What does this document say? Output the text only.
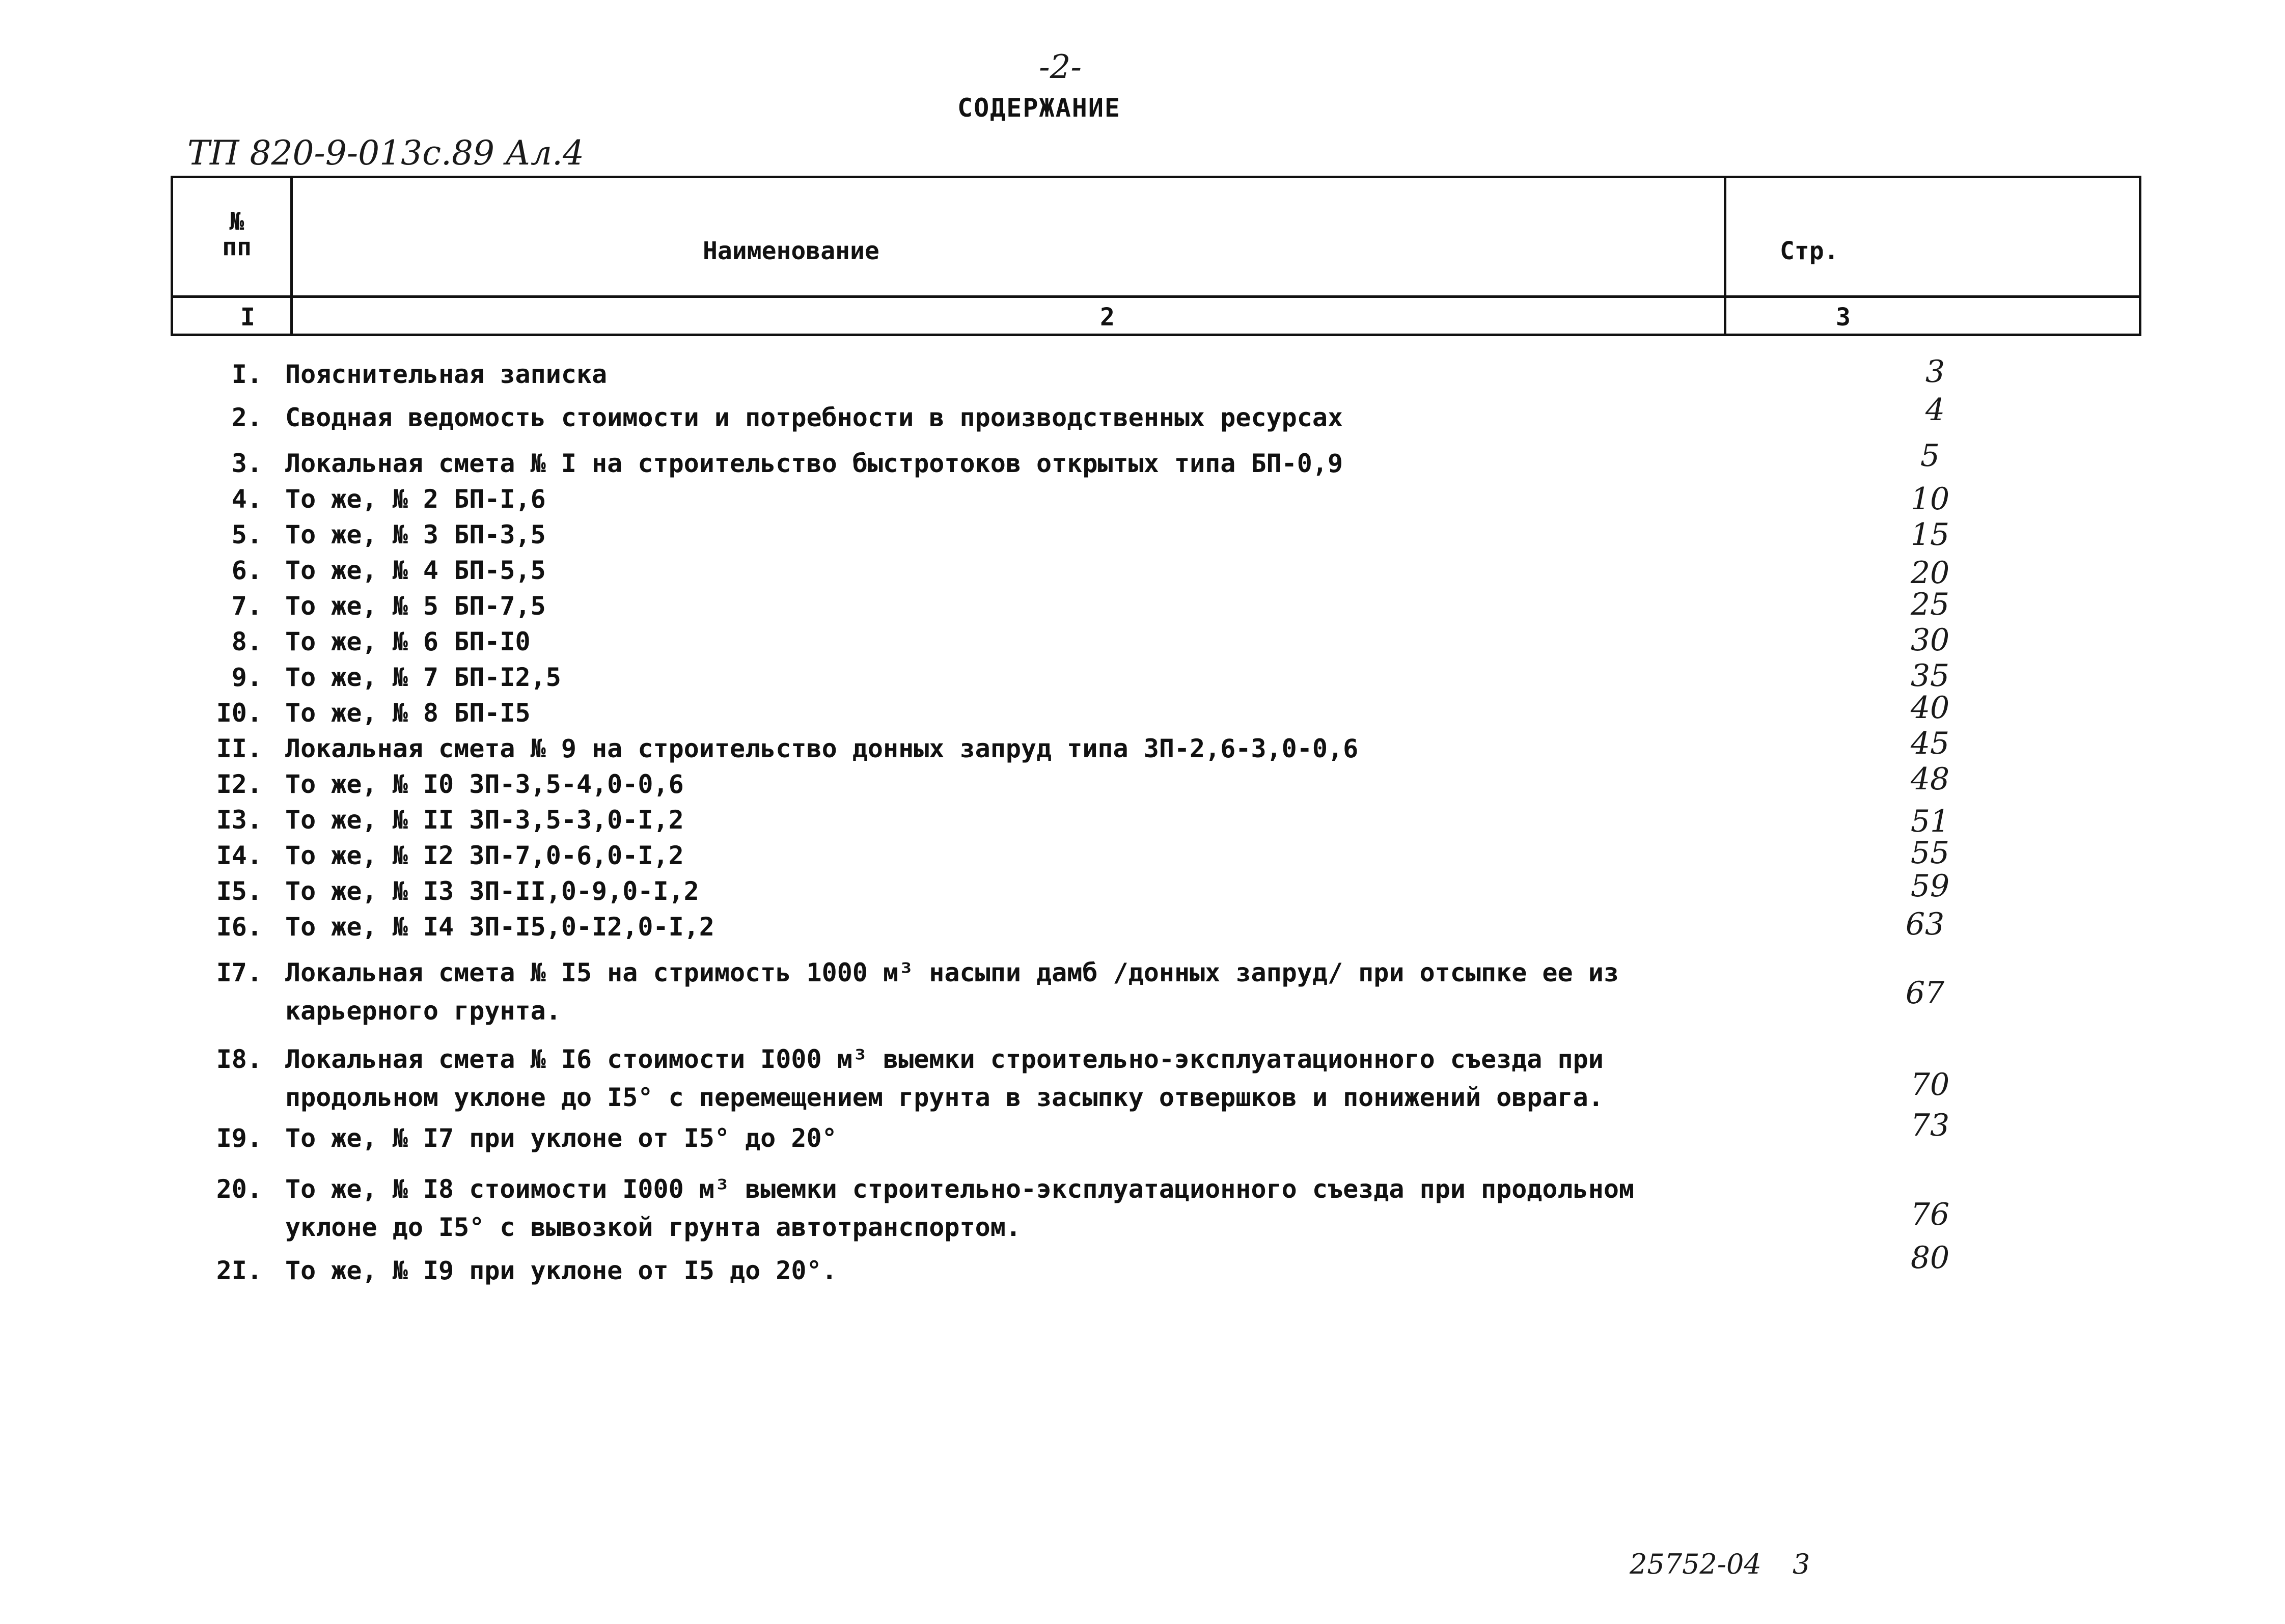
-2-
СОДЕРЖАНИЕ
ТП 820-9-013с.89 Ал.4
№ пп	Наименование	Стр.
I	2	3
I. Пояснительная записка	3
2. Сводная ведомость стоимости и потребности в производственных ресурсах	4
3. Локальная смета № I на строительство быстротоков открытых типа БП-0,9	5
4. То же, № 2 БП-I,6	10
5. То же, № 3 БП-3,5	15
6. То же, № 4 БП-5,5	20
7. То же, № 5 БП-7,5	25
8. То же, № 6 БП-I0	30
9. То же, № 7 БП-I2,5	35
I0. То же, № 8 БП-I5	40
II. Локальная смета № 9 на строительство донных запруд типа ЗП-2,6-3,0-0,6	45
I2. То же, № I0 ЗП-3,5-4,0-0,6	48
I3. То же, № II ЗП-3,5-3,0-I,2	51
I4. То же, № I2 ЗП-7,0-6,0-I,2	55
I5. То же, № I3 ЗП-II,0-9,0-I,2	59
I6. То же, № I4 ЗП-I5,0-I2,0-I,2	63
I7. Локальная смета № I5 на стримость 1000 м³ насыпи дамб /донных запруд/ при отсыпке ее из
карьерного грунта.	67
I8. Локальная смета № I6 стоимости I000 м³ выемки строительно-эксплуатационного съезда при
продольном уклоне до I5° с перемещением грунта в засыпку отвершков и понижений оврага.	70
I9. То же, № I7 при уклоне от I5° до 20°	73
20. То же, № I8 стоимости I000 м³ выемки строительно-эксплуатационного съезда при продольном
уклоне до I5° с вывозкой грунта автотранспортом.	76
2I. То же, № I9 при уклоне от I5 до 20°.	80
25752-04 3
